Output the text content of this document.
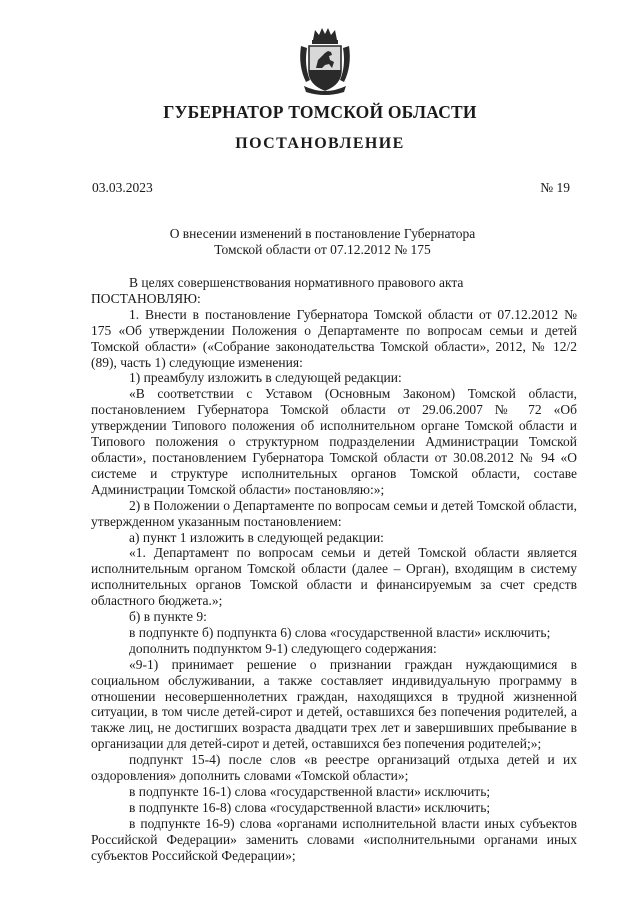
ГУБЕРНАТОР ТОМСКОЙ ОБЛАСТИ
ПОСТАНОВЛЕНИЕ
03.03.2023	№ 19
О внесении изменений в постановление Губернатора
Томской области от 07.12.2012 № 175

В целях совершенствования нормативного правового акта

ПОСТАНОВЛЯЮ:

1. Внести в постановление Губернатора Томской области от 07.12.2012 № 175 «Об утверждении Положения о Департаменте по вопросам семьи и детей Томской области» («Собрание законодательства Томской области», 2012, № 12/2 (89), часть 1) следующие изменения:

1) преамбулу изложить в следующей редакции:

«В соответствии с Уставом (Основным Законом) Томской области, постановлением Губернатора Томской области от 29.06.2007 № 72 «Об утверждении Типового положения об исполнительном органе Томской области и Типового положения о структурном подразделении Администрации Томской области», постановлением Губернатора Томской области от 30.08.2012 № 94 «О системе и структуре исполнительных органов Томской области, составе Администрации Томской области» постановляю:»;

2) в Положении о Департаменте по вопросам семьи и детей Томской области, утвержденном указанным постановлением:

а) пункт 1 изложить в следующей редакции:

«1. Департамент по вопросам семьи и детей Томской области является исполнительным органом Томской области (далее – Орган), входящим в систему исполнительных органов Томской области и финансируемым за счет средств областного бюджета.»;

б) в пункте 9:

в подпункте б) подпункта 6) слова «государственной власти» исключить;

дополнить подпунктом 9-1) следующего содержания:

«9-1) принимает решение о признании граждан нуждающимися в социальном обслуживании, а также составляет индивидуальную программу в отношении несовершеннолетних граждан, находящихся в трудной жизненной ситуации, в том числе детей-сирот и детей, оставшихся без попечения родителей, а также лиц, не достигших возраста двадцати трех лет и завершивших пребывание в организации для детей-сирот и детей, оставшихся без попечения родителей;»;

подпункт 15-4) после слов «в реестре организаций отдыха детей и их оздоровления» дополнить словами «Томской области»;

в подпункте 16-1) слова «государственной власти» исключить;

в подпункте 16-8) слова «государственной власти» исключить;

в подпункте 16-9) слова «органами исполнительной власти иных субъектов Российской Федерации» заменить словами «исполнительными органами иных субъектов Российской Федерации»;
